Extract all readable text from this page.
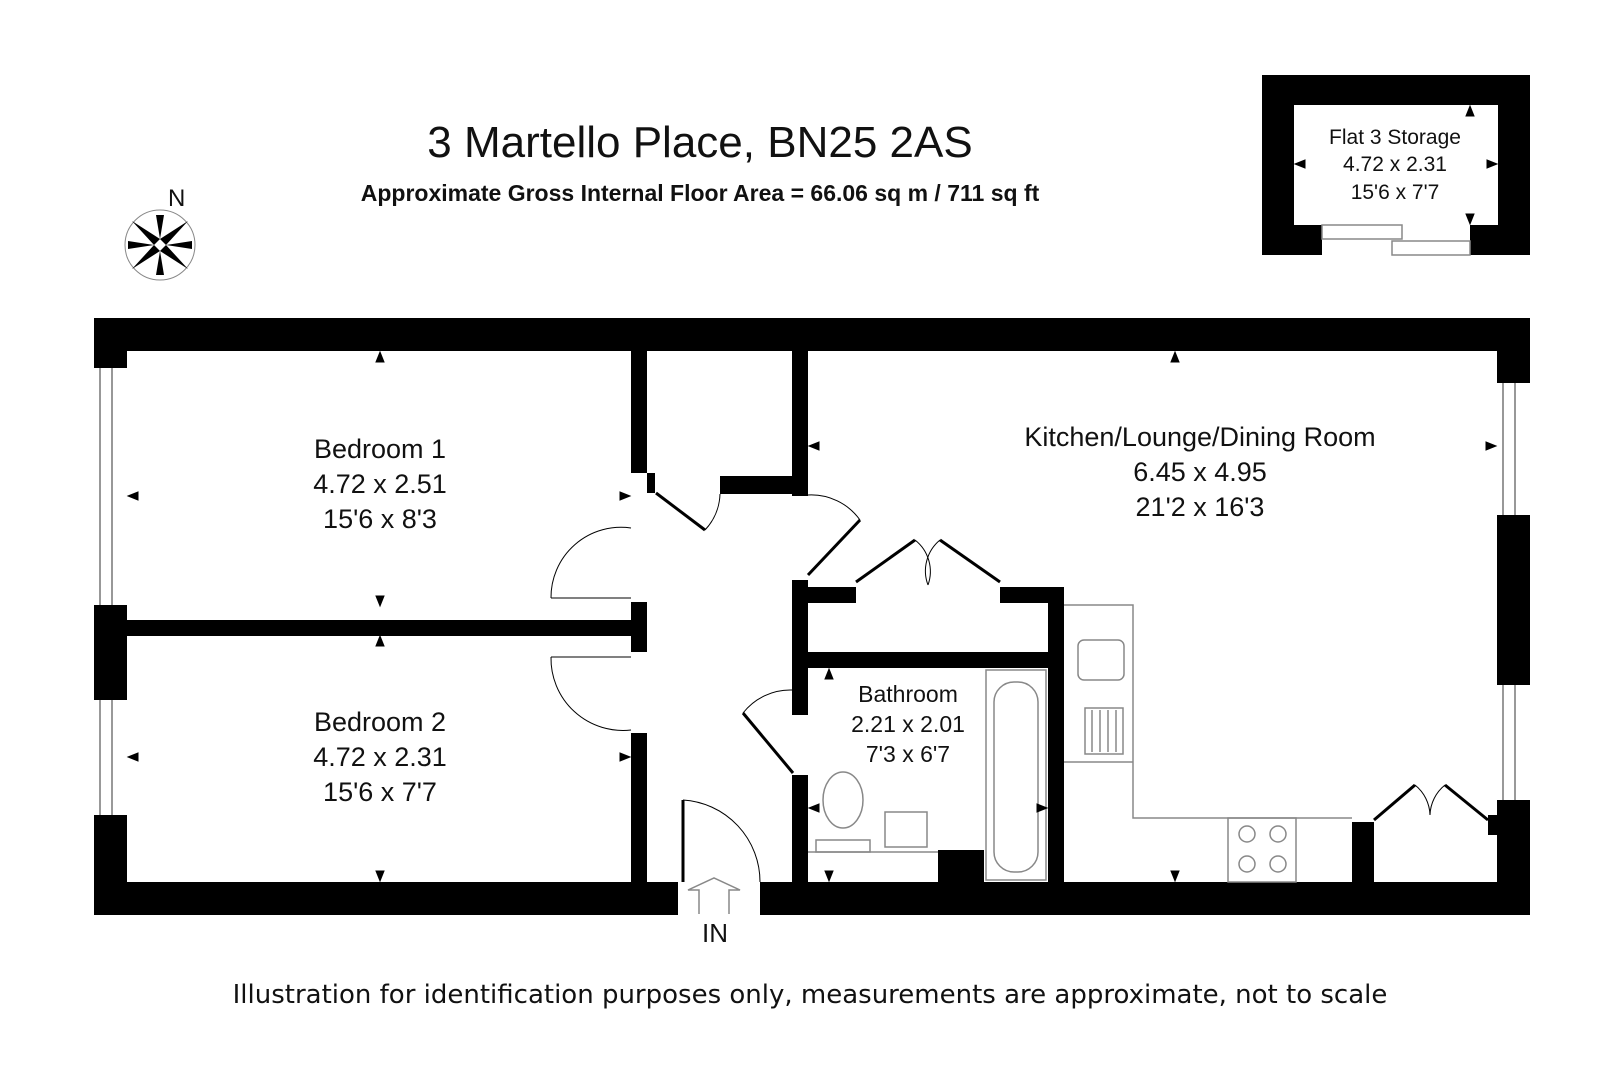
3 Martello Place, BN25 2AS
Approximate Gross Internal Floor Area = 66.06 sq m / 711 sq ft
N
Bedroom 1
4.72 x 2.51
15'6 x 8'3
Bedroom 2
4.72 x 2.31
15'6 x 7'7
Kitchen/Lounge/Dining Room
6.45 x 4.95
21'2 x 16'3
Bathroom
2.21 x 2.01
7'3 x 6'7
Flat 3 Storage
4.72 x 2.31
15'6 x 7'7
IN
Illustration for identification purposes only, measurements are approximate, not to scale
